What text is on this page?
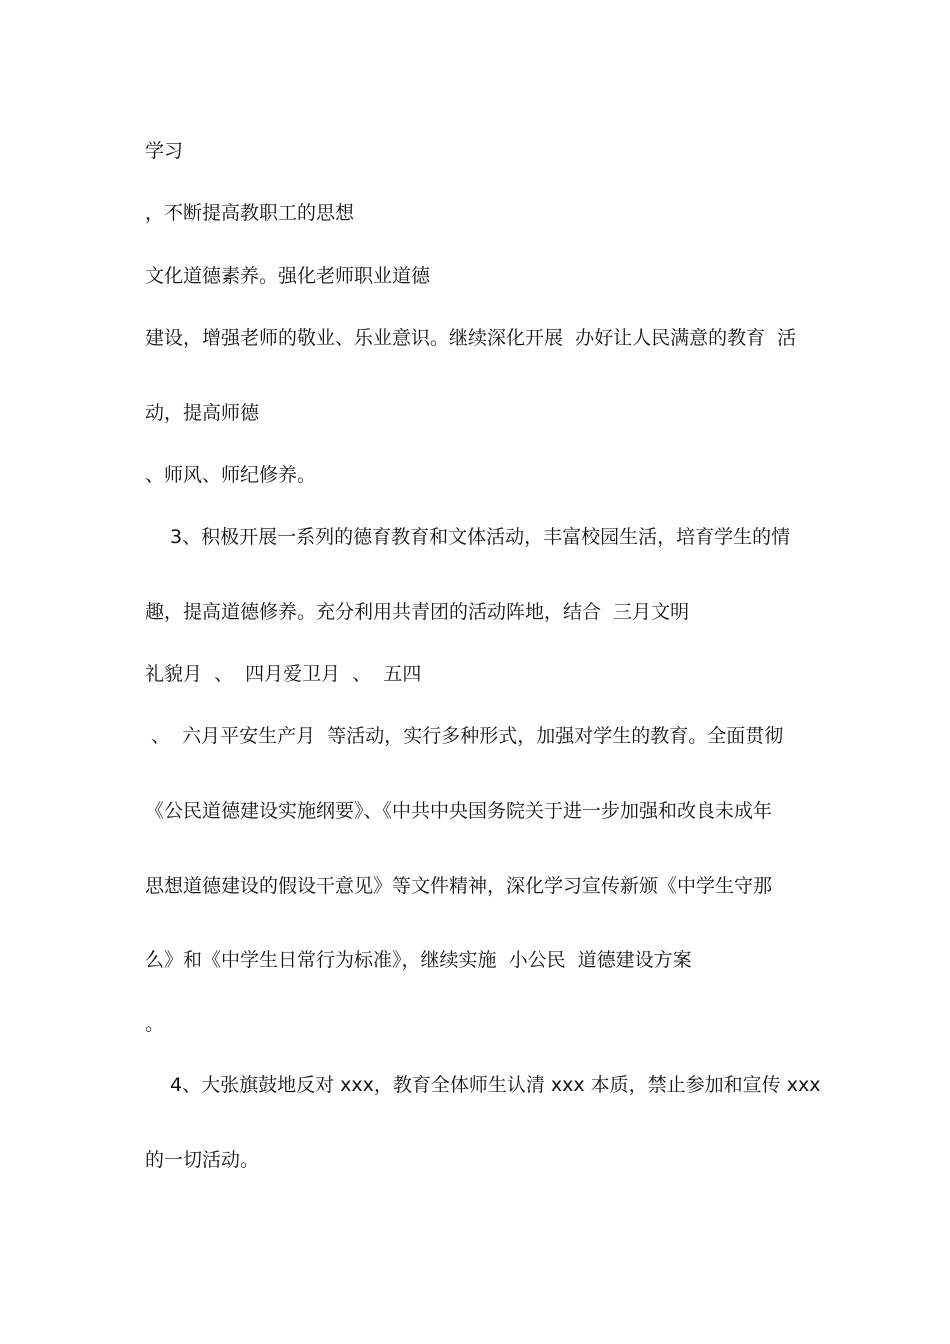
学习
，不断提高教职工的思想
文化道德素养。强化老师职业道德
建设，增强老师的敬业、乐业意识。继续深化开展  办好让人民满意的教育  活
动，提高师德
、师风、师纪修养。
3、积极开展一系列的德育教育和文体活动，丰富校园生活，培育学生的情
趣，提高道德修养。充分利用共青团的活动阵地，结合  三月文明
礼貌月  、  四月爱卫月  、  五四
、  六月平安生产月  等活动，实行多种形式，加强对学生的教育。全面贯彻
《公民道德建设实施纲要》、《中共中央国务院关于进一步加强和改良未成年
思想道德建设的假设干意见》等文件精神，深化学习宣传新颁《中学生守那
么》和《中学生日常行为标准》，继续实施  小公民  道德建设方案
。
4、大张旗鼓地反对 xxx，教育全体师生认清 xxx 本质，禁止参加和宣传 xxx
的一切活动。
